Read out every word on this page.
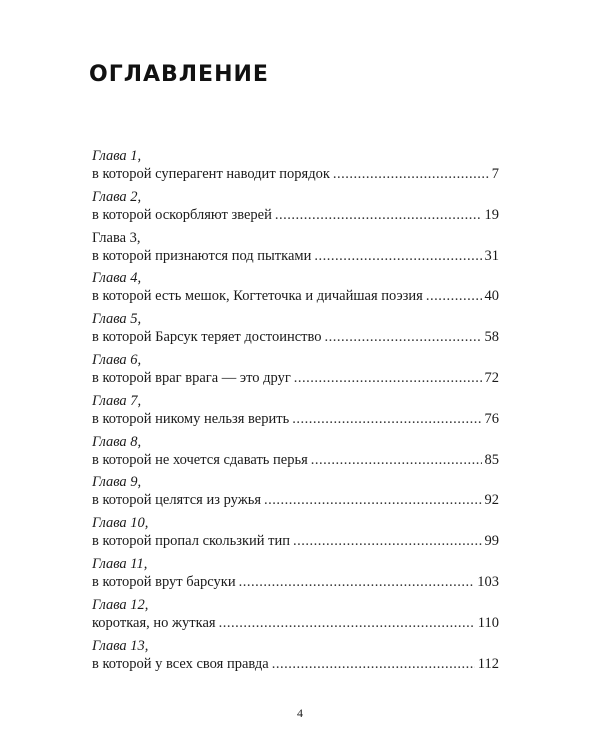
ОГЛАВЛЕНИЕ
Глава 1,
в которой суперагент наводит порядок .....	7
Глава 2,
в которой оскорбляют зверей .....	19
Глава 3,
в которой признаются под пытками .....	31
Глава 4,
в которой есть мешок, Когтеточка и дичайшая поэзия .....	40
Глава 5,
в которой Барсук теряет достоинство .....	58
Глава 6,
в которой враг врага — это друг .....	72
Глава 7,
в которой никому нельзя верить .....	76
Глава 8,
в которой не хочется сдавать перья .....	85
Глава 9,
в которой целятся из ружья .....	92
Глава 10,
в которой пропал скользкий тип .....	99
Глава 11,
в которой врут барсуки .....	103
Глава 12,
короткая, но жуткая .....	110
Глава 13,
в которой у всех своя правда .....	112
4
